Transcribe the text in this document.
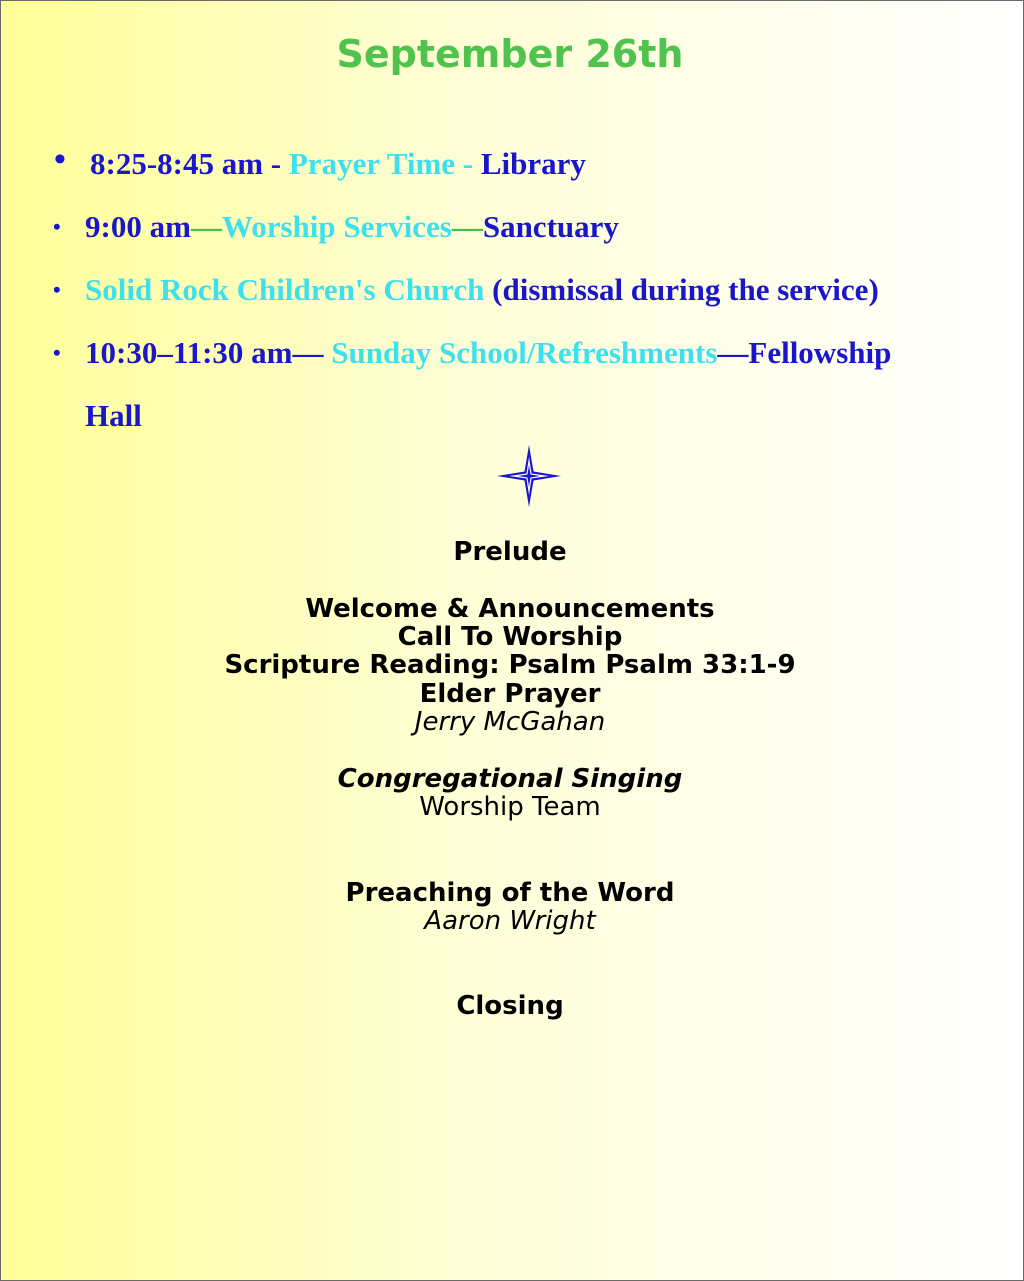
September 26th
• 8:25-8:45 am - Prayer Time - Library
• 9:00 am—Worship Services—Sanctuary
• Solid Rock Children's Church (dismissal during the service)
• 10:30–11:30 am— Sunday School/Refreshments—Fellowship
Hall

Prelude

Welcome & Announcements

Call To Worship

Scripture Reading: Psalm Psalm 33:1-9

Elder Prayer

Jerry McGahan

Congregational Singing

Worship Team

Preaching of the Word

Aaron Wright

Closing
